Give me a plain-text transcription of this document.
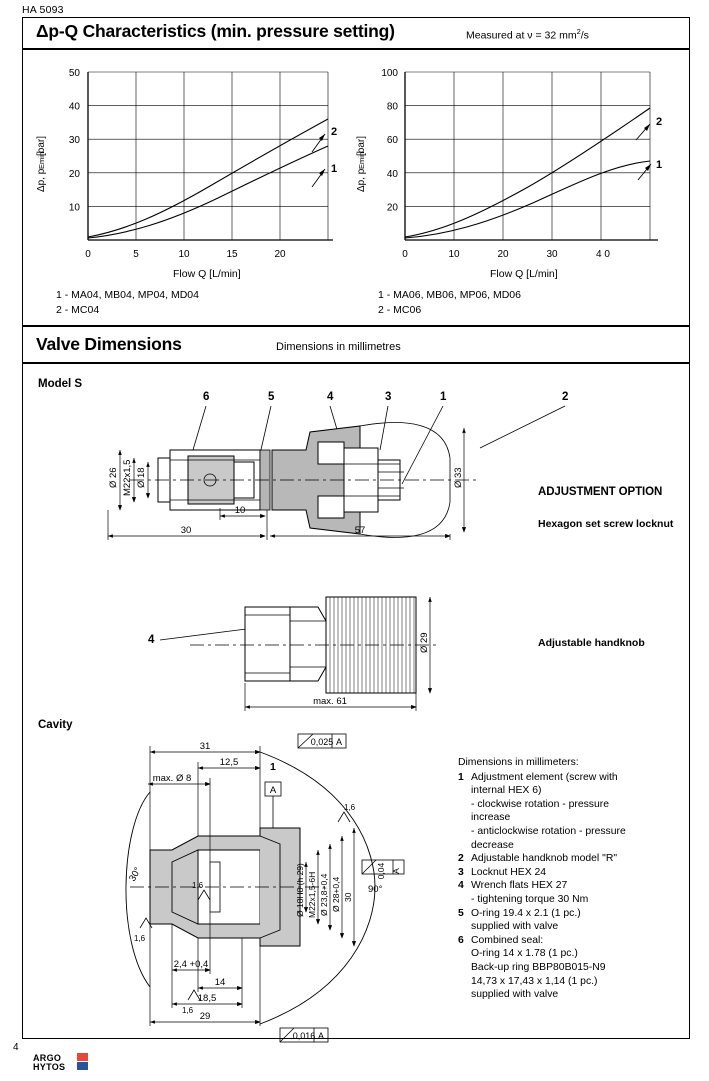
HA 5093
Δp-Q Characteristics (min. pressure setting)	Measured at ν = 32 $mm^2/s$
Valve Dimensions	Dimensions in millimetres
50
40
30
20
10
0	5	10	15	20
2
1
Flow Q [L/min]
Δp, p
Emin
[bar]
100
80
60
40
20
0	10	20	30	4 0
2
1
Flow Q [L/min]
Δp, p
Emin
[bar]
1 - MA04, MB04, MP04, MD04
2 - MC04
1 - MA06, MB06, MP06, MD06
2 - MC06
Model S
Cavity
6	5	4	3	1	2
Ø 26 M22x1,5 Ø 18	Ø 33
10
30	57
4	Ø 29
max. 61
31
12,5
max. Ø 8
1
A
0,025 A
Ø 18H8 (h 29) M22x1,5-6H Ø 23,8+0,4 Ø 28+0,4 30
0,04 A
90°
30°
1,6
1,6
1,6
1,6
2,4 +0,4
14
18,5
29
0,016 A
ADJUSTMENT OPTION
Hexagon set screw locknut
Adjustable handknob
Dimensions in millimeters:
1 Adjustment element (screw with
internal HEX 6)
- clockwise rotation - pressure
increase
- anticlockwise rotation - pressure
decrease
2 Adjustable handknob model "R"
3 Locknut HEX 24
4 Wrench flats HEX 27
- tightening torque 30 Nm
5 O-ring 19.4 x 2.1 (1 pc.)
supplied with valve
6 Combined seal:
O-ring 14 x 1.78 (1 pc.)
Back-up ring BBP80B015-N9
14,73 x 17,43 x 1,14 (1 pc.)
supplied with valve
4
ARGO
HYTOS
